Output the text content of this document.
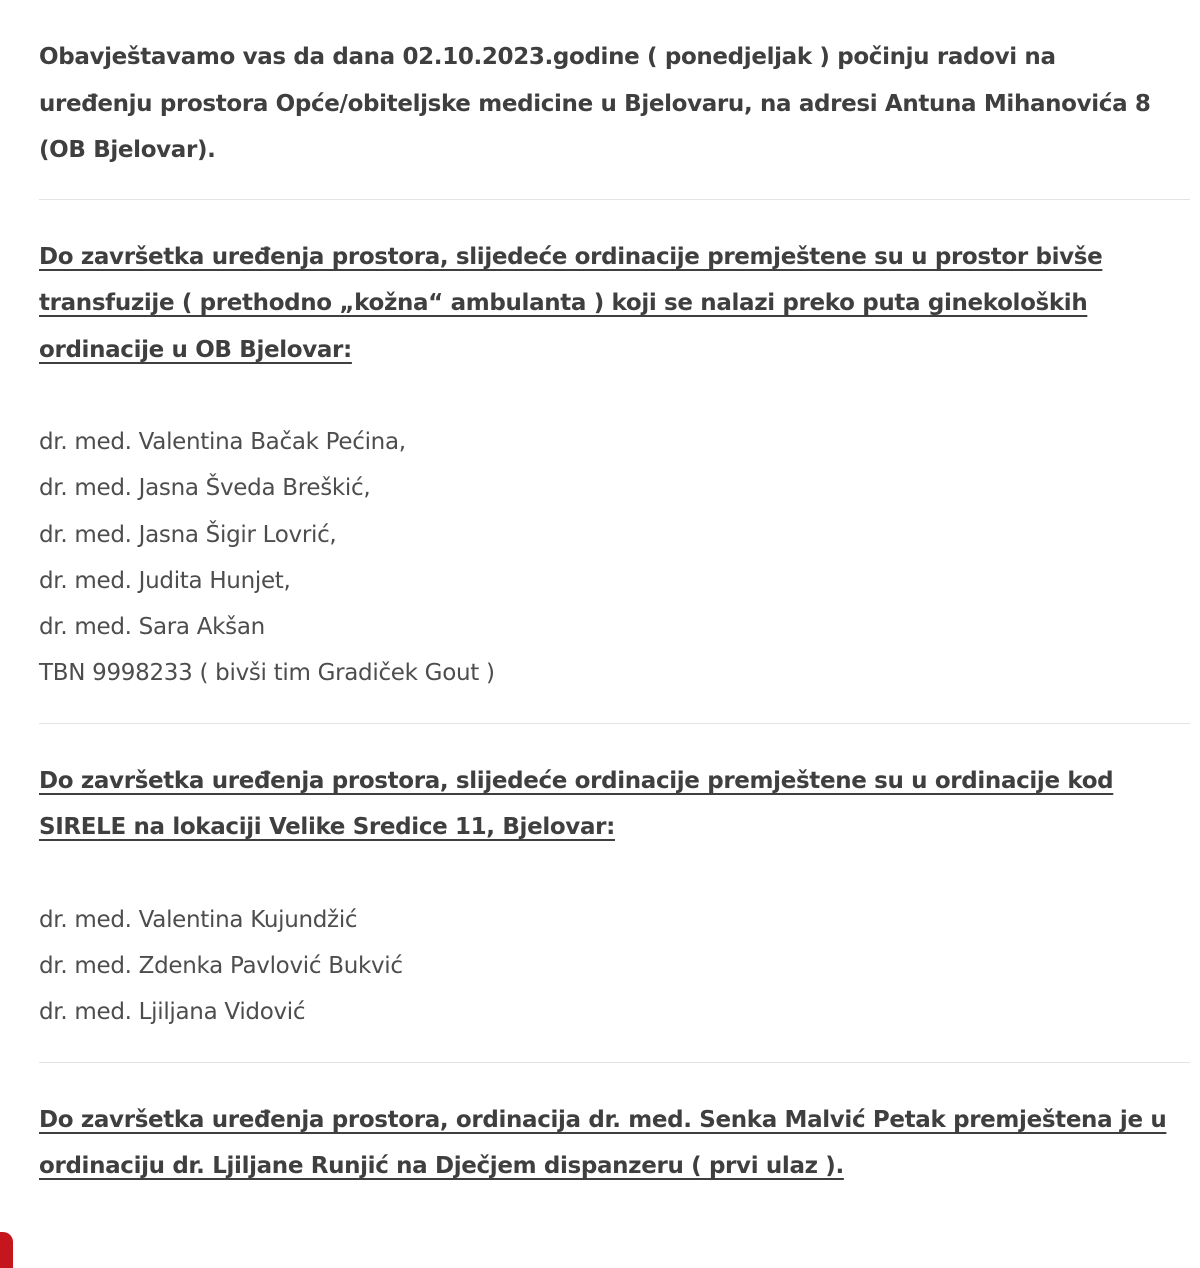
Obavještavamo vas da dana 02.10.2023.godine ( ponedjeljak ) počinju radovi na
uređenju prostora Opće/obiteljske medicine u Bjelovaru, na adresi Antuna Mihanovića 8
(OB Bjelovar).

Do završetka uređenja prostora, slijedeće ordinacije premještene su u prostor bivše
transfuzije ( prethodno „kožna“ ambulanta ) koji se nalazi preko puta ginekoloških
ordinacije u OB Bjelovar:

dr. med. Valentina Bačak Pećina,
dr. med. Jasna Šveda Breškić,
dr. med. Jasna Šigir Lovrić,
dr. med. Judita Hunjet,
dr. med. Sara Akšan
TBN 9998233 ( bivši tim Gradiček Gout )

Do završetka uređenja prostora, slijedeće ordinacije premještene su u ordinacije kod
SIRELE na lokaciji Velike Sredice 11, Bjelovar:

dr. med. Valentina Kujundžić
dr. med. Zdenka Pavlović Bukvić
dr. med. Ljiljana Vidović

Do završetka uređenja prostora, ordinacija dr. med. Senka Malvić Petak premještena je u
ordinaciju dr. Ljiljane Runjić na Dječjem dispanzeru ( prvi ulaz ).
